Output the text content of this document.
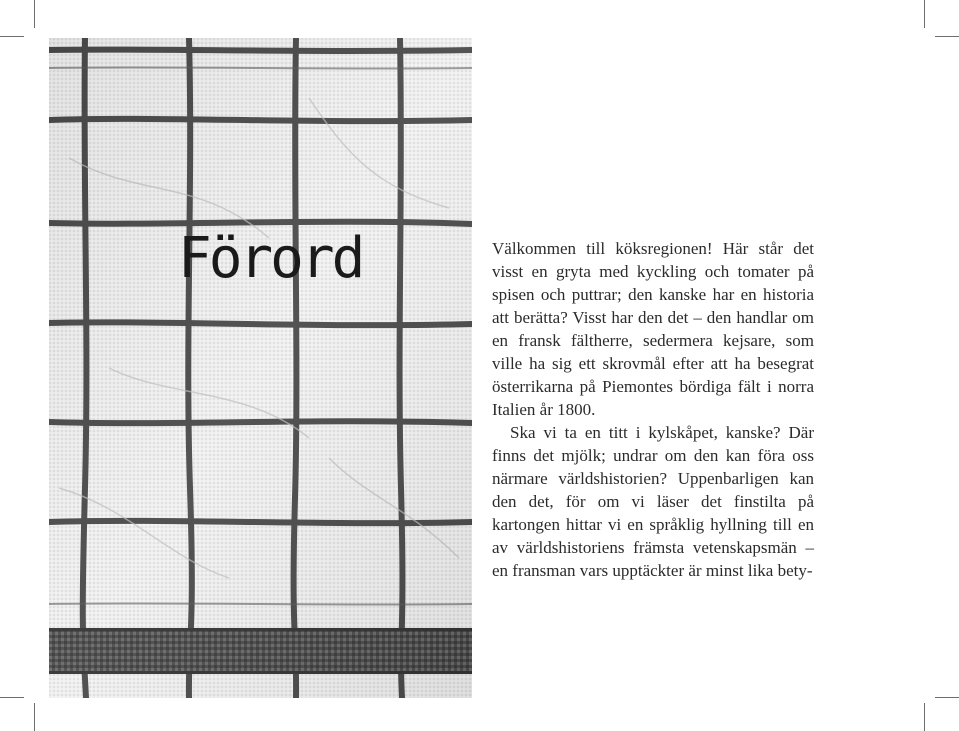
Förord	Välkommen till köksregionen! Här står det visst en gryta med kyckling och tomater på spisen och puttrar; den kanske har en historia att berätta? Visst har den det – den handlar om en fransk fältherre, sedermera kejsare, som ville ha sig ett skrovmål efter att ha besegrat österrikarna på Piemontes bördiga fält i norra Italien år 1800.

Ska vi ta en titt i kylskåpet, kanske? Där finns det mjölk; undrar om den kan föra oss närmare världshistorien? Uppenbarligen kan den det, för om vi läser det finstilta på kartongen hittar vi en språklig hyllning till en av världshistoriens främsta vetenskapsmän – en fransman vars upptäckter är minst lika bety-
